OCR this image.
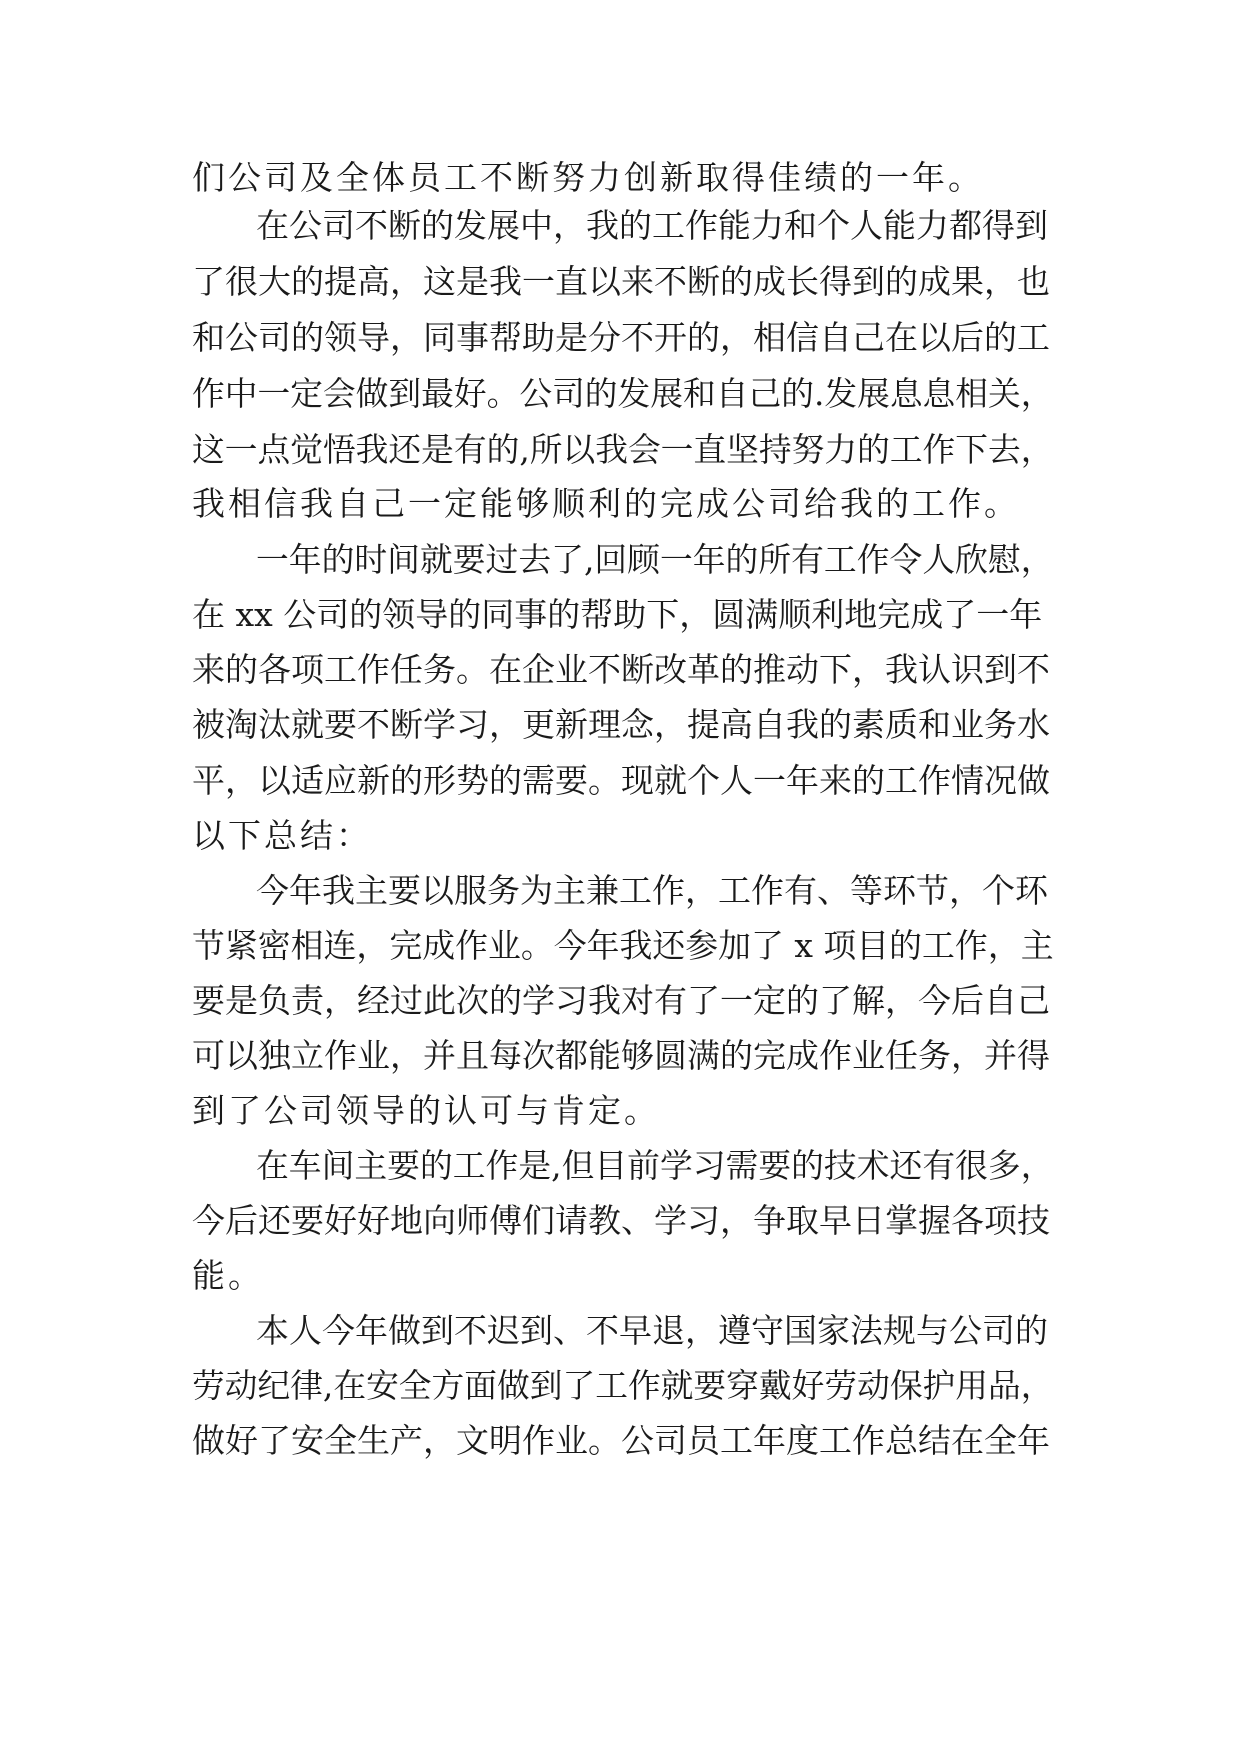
们公司及全体员工不断努力创新取得佳绩的一年。
在公司不断的发展中，我的工作能力和个人能力都得到
了很大的提高，这是我一直以来不断的成长得到的成果，也
和公司的领导，同事帮助是分不开的，相信自己在以后的工
作中一定会做到最好。公司的发展和自己的.发展息息相关，
这一点觉悟我还是有的,所以我会一直坚持努力的工作下去，
我相信我自己一定能够顺利的完成公司给我的工作。
一年的时间就要过去了,回顾一年的所有工作令人欣慰，
在 xx 公司的领导的同事的帮助下，圆满顺利地完成了一年
来的各项工作任务。在企业不断改革的推动下，我认识到不
被淘汰就要不断学习，更新理念，提高自我的素质和业务水
平，以适应新的形势的需要。现就个人一年来的工作情况做
以下总结：
今年我主要以服务为主兼工作，工作有、等环节，个环
节紧密相连，完成作业。今年我还参加了 x 项目的工作，主
要是负责，经过此次的学习我对有了一定的了解，今后自己
可以独立作业，并且每次都能够圆满的完成作业任务，并得
到了公司领导的认可与肯定。
在车间主要的工作是,但目前学习需要的技术还有很多，
今后还要好好地向师傅们请教、学习，争取早日掌握各项技
能。
本人今年做到不迟到、不早退，遵守国家法规与公司的
劳动纪律,在安全方面做到了工作就要穿戴好劳动保护用品，
做好了安全生产，文明作业。公司员工年度工作总结在全年
